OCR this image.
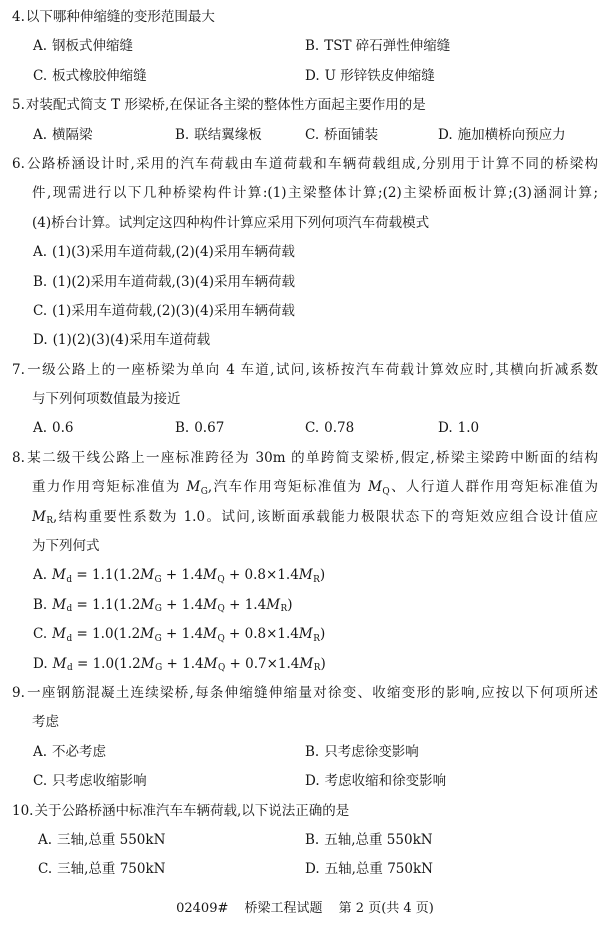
4.以下哪种伸缩缝的变形范围最大
A. 钢板式伸缩缝	B. TST 碎石弹性伸缩缝
C. 板式橡胶伸缩缝	D. U 形锌铁皮伸缩缝
5.对装配式简支 T 形梁桥,在保证各主梁的整体性方面起主要作用的是
A. 横隔梁	B. 联结翼缘板	C. 桥面铺装	D. 施加横桥向预应力
6.公路桥涵设计时,采用的汽车荷载由车道荷载和车辆荷载组成,分别用于计算不同的桥梁构
件,现需进行以下几种桥梁构件计算:(1)主梁整体计算;(2)主梁桥面板计算;(3)涵洞计算;
(4)桥台计算。试判定这四种构件计算应采用下列何项汽车荷载模式
A. (1)(3)采用车道荷载,(2)(4)采用车辆荷载
B. (1)(2)采用车道荷载,(3)(4)采用车辆荷载
C. (1)采用车道荷载,(2)(3)(4)采用车辆荷载
D. (1)(2)(3)(4)采用车道荷载
7.一级公路上的一座桥梁为单向 4 车道,试问,该桥按汽车荷载计算效应时,其横向折减系数
与下列何项数值最为接近
A. 0.6	B. 0.67	C. 0.78	D. 1.0
8.某二级干线公路上一座标准跨径为 30m 的单跨简支梁桥,假定,桥梁主梁跨中断面的结构
重力作用弯矩标准值为 $M_G$,汽车作用弯矩标准值为 $M_Q$、人行道人群作用弯矩标准值为
$M_R$,结构重要性系数为 1.0。试问,该断面承载能力极限状态下的弯矩效应组合设计值应
为下列何式
A. $M_d = 1.1(1.2M_G + 1.4M_Q + 0.8\times 1.4M_R)$
B. $M_d = 1.1(1.2M_G + 1.4M_Q + 1.4M_R)$
C. $M_d = 1.0(1.2M_G + 1.4M_Q + 0.8\times 1.4M_R)$
D. $M_d = 1.0(1.2M_G + 1.4M_Q + 0.7\times 1.4M_R)$
9.一座钢筋混凝土连续梁桥,每条伸缩缝伸缩量对徐变、收缩变形的影响,应按以下何项所述
考虑
A. 不必考虑	B. 只考虑徐变影响
C. 只考虑收缩影响	D. 考虑收缩和徐变影响
10.关于公路桥涵中标准汽车车辆荷载,以下说法正确的是
A. 三轴,总重 550kN	B. 五轴,总重 550kN
C. 三轴,总重 750kN	D. 五轴,总重 750kN
02409# 桥梁工程试题 第 2 页(共 4 页)
